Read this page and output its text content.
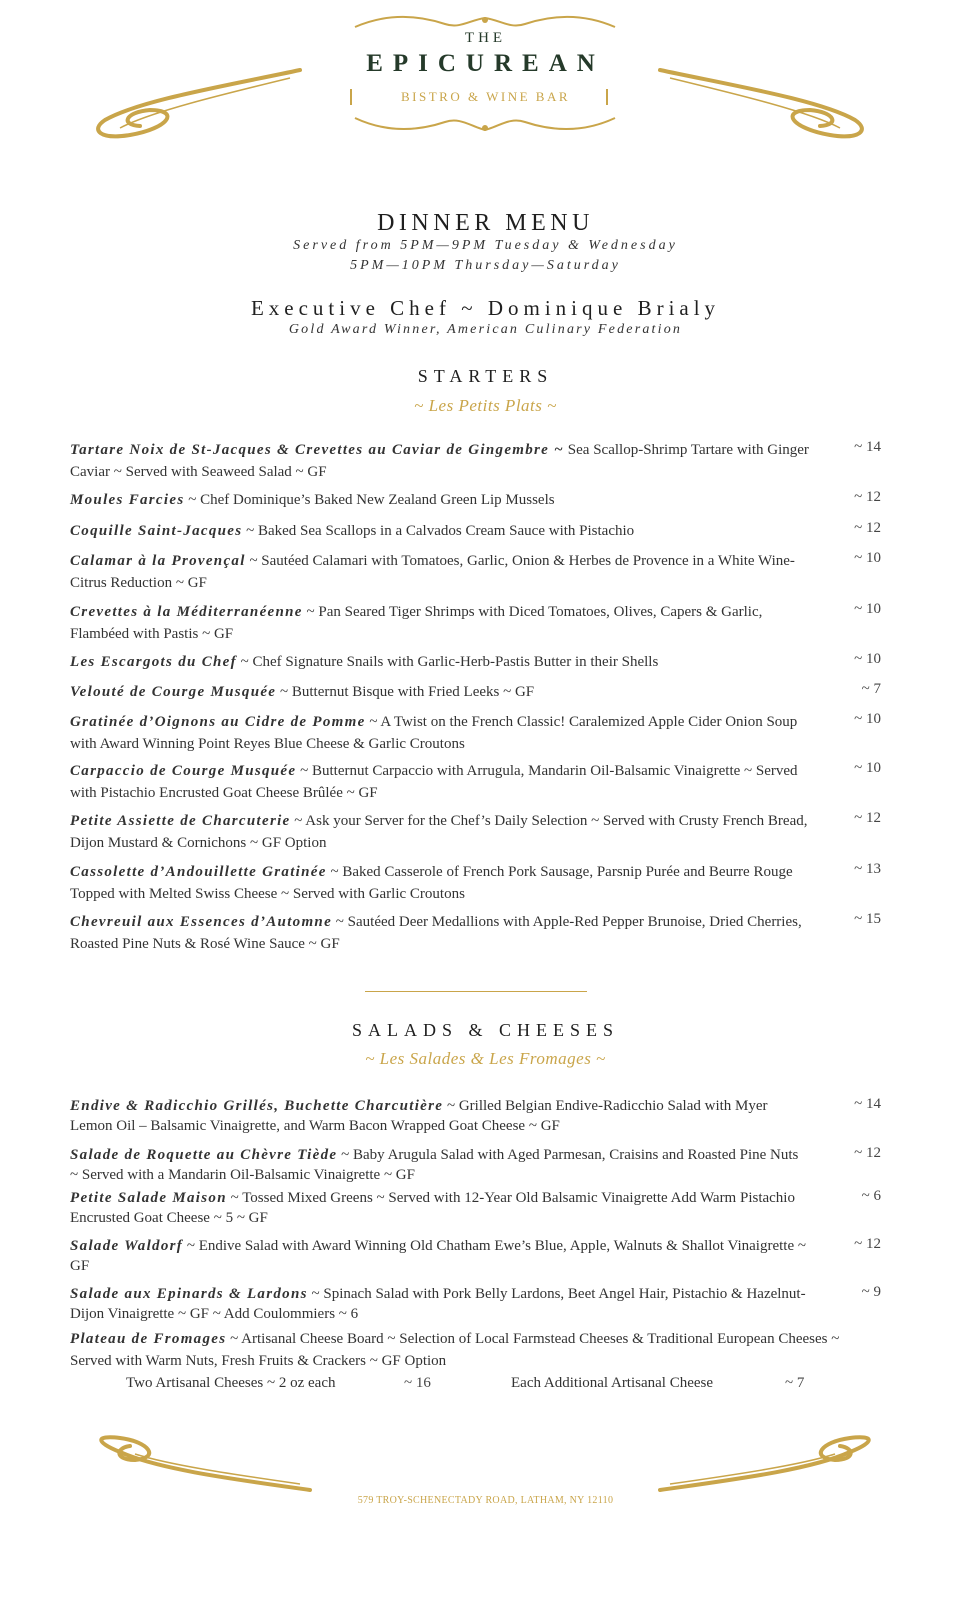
THE
EPICUREAN
BISTRO & WINE BAR
DINNER MENU
Served from 5PM—9PM Tuesday & Wednesday
5PM—10PM Thursday—Saturday
Executive Chef ~ Dominique Brialy
Gold Award Winner, American Culinary Federation
STARTERS
~ Les Petits Plats ~
Tartare Noix de St-Jacques & Crevettes au Caviar de Gingembre ~ Sea Scallop-Shrimp Tartare with Ginger Caviar ~ Served with Seaweed Salad ~ GF
~ 14
Moules Farcies ~ Chef Dominique’s Baked New Zealand Green Lip Mussels	~ 12
Coquille Saint-Jacques ~ Baked Sea Scallops in a Calvados Cream Sauce with Pistachio	~ 12
Calamar à la Provençal ~ Sautéed Calamari with Tomatoes, Garlic, Onion & Herbes de Provence in a White Wine-Citrus Reduction ~ GF
~ 10
Crevettes à la Méditerranéenne ~ Pan Seared Tiger Shrimps with Diced Tomatoes, Olives, Capers & Garlic, Flambéed with Pastis ~ GF
~ 10
Les Escargots du Chef ~ Chef Signature Snails with Garlic-Herb-Pastis Butter in their Shells	~ 10
Velouté de Courge Musquée ~ Butternut Bisque with Fried Leeks ~ GF	~ 7
Gratinée d’Oignons au Cidre de Pomme ~ A Twist on the French Classic! Caralemized Apple Cider Onion Soup with Award Winning Point Reyes Blue Cheese & Garlic Croutons
~ 10
Carpaccio de Courge Musquée ~ Butternut Carpaccio with Arrugula, Mandarin Oil-Balsamic Vinaigrette ~ Served with Pistachio Encrusted Goat Cheese Brûlée ~ GF
~ 10
Petite Assiette de Charcuterie ~ Ask your Server for the Chef’s Daily Selection ~ Served with Crusty French Bread, Dijon Mustard & Cornichons ~ GF Option
~ 12
Cassolette d’Andouillette Gratinée ~ Baked Casserole of French Pork Sausage, Parsnip Purée and Beurre Rouge Topped with Melted Swiss Cheese ~ Served with Garlic Croutons
~ 13
Chevreuil aux Essences d’Automne ~ Sautéed Deer Medallions with Apple-Red Pepper Brunoise, Dried Cherries, Roasted Pine Nuts & Rosé Wine Sauce ~ GF
~ 15
SALADS & CHEESES
~ Les Salades & Les Fromages ~
Endive & Radicchio Grillés, Buchette Charcutière ~ Grilled Belgian Endive-Radicchio Salad with Myer Lemon Oil – Balsamic Vinaigrette, and Warm Bacon Wrapped Goat Cheese ~ GF
~ 14
Salade de Roquette au Chèvre Tiède ~ Baby Arugula Salad with Aged Parmesan, Craisins and Roasted Pine Nuts ~ Served with a Mandarin Oil-Balsamic Vinaigrette ~ GF
~ 12
Petite Salade Maison ~ Tossed Mixed Greens ~ Served with 12-Year Old Balsamic Vinaigrette Add Warm Pistachio Encrusted Goat Cheese ~ 5 ~ GF
~ 6
Salade Waldorf ~ Endive Salad with Award Winning Old Chatham Ewe’s Blue, Apple, Walnuts & Shallot Vinaigrette ~ GF
~ 12
Salade aux Epinards & Lardons ~ Spinach Salad with Pork Belly Lardons, Beet Angel Hair, Pistachio & Hazelnut-Dijon Vinaigrette ~ GF ~ Add Coulommiers ~ 6
~ 9
Plateau de Fromages ~ Artisanal Cheese Board ~ Selection of Local Farmstead Cheeses & Traditional European Cheeses ~ Served with Warm Nuts, Fresh Fruits & Crackers ~ GF Option
Two Artisanal Cheeses ~ 2 oz each	~ 16	Each Additional Artisanal Cheese	~ 7
579 TROY-SCHENECTADY ROAD, LATHAM, NY 12110
